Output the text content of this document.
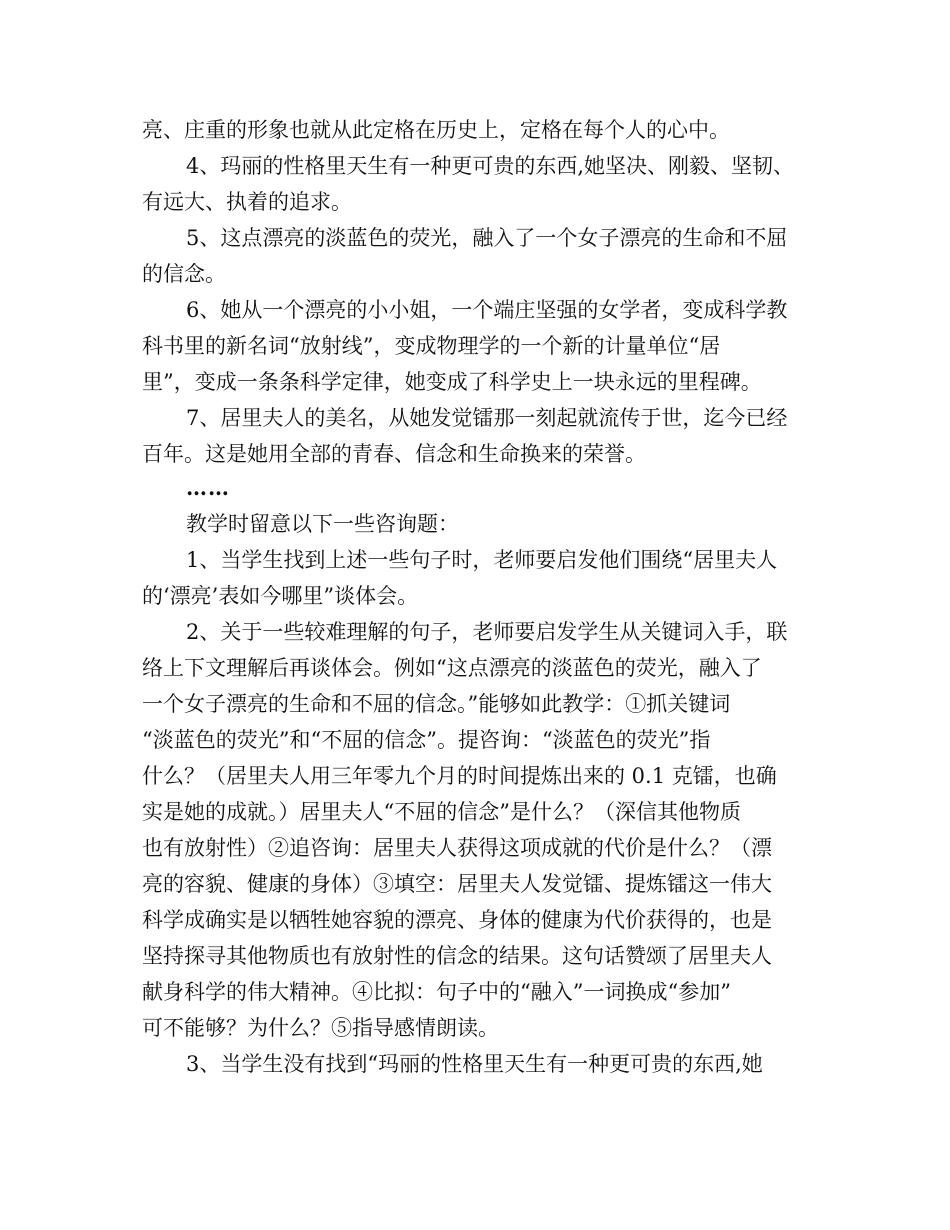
亮、庄重的形象也就从此定格在历史上，定格在每个人的心中。
4、玛丽的性格里天生有一种更可贵的东西,她坚决、刚毅、坚韧、
有远大、执着的追求。
5、这点漂亮的淡蓝色的荧光，融入了一个女子漂亮的生命和不屈
的信念。
6、她从一个漂亮的小小姐，一个端庄坚强的女学者，变成科学教
科书里的新名词“放射线”，变成物理学的一个新的计量单位“居
里”，变成一条条科学定律，她变成了科学史上一块永远的里程碑。
7、居里夫人的美名，从她发觉镭那一刻起就流传于世，迄今已经
百年。这是她用全部的青春、信念和生命换来的荣誉。
……
教学时留意以下一些咨询题：
1、当学生找到上述一些句子时，老师要启发他们围绕“居里夫人
的‘漂亮’表如今哪里”谈体会。
2、关于一些较难理解的句子，老师要启发学生从关键词入手，联
络上下文理解后再谈体会。例如“这点漂亮的淡蓝色的荧光，融入了
一个女子漂亮的生命和不屈的信念。”能够如此教学：①抓关键词
“淡蓝色的荧光”和“不屈的信念”。提咨询：“淡蓝色的荧光”指
什么？（居里夫人用三年零九个月的时间提炼出来的 0.1 克镭，也确
实是她的成就。）居里夫人“不屈的信念”是什么？（深信其他物质
也有放射性）②追咨询：居里夫人获得这项成就的代价是什么？（漂
亮的容貌、健康的身体）③填空：居里夫人发觉镭、提炼镭这一伟大
科学成确实是以牺牲她容貌的漂亮、身体的健康为代价获得的，也是
坚持探寻其他物质也有放射性的信念的结果。这句话赞颂了居里夫人
献身科学的伟大精神。④比拟：句子中的“融入”一词换成“参加”
可不能够？为什么？⑤指导感情朗读。
3、当学生没有找到“玛丽的性格里天生有一种更可贵的东西,她
